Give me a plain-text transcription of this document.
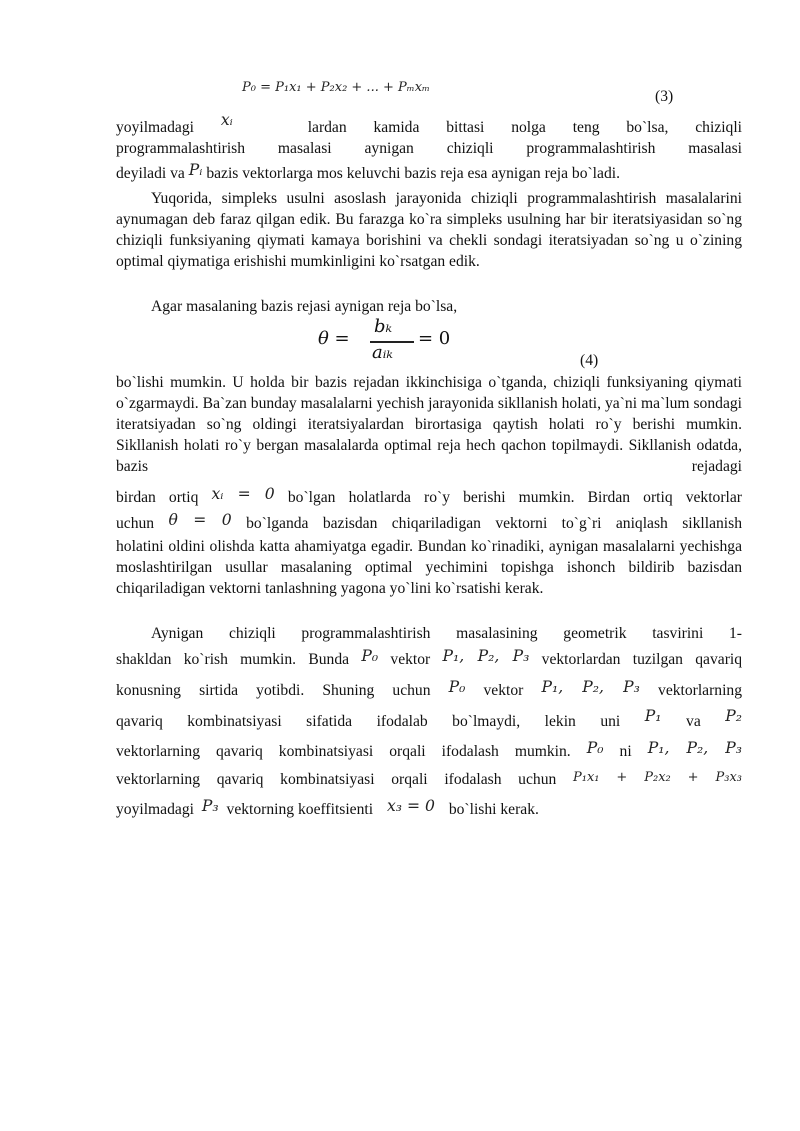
P₀ = P₁x₁ + P₂x₂ + ... + Pₘxₘ
(3)
yoyilmadagi xᵢ	lardan kamida bittasi nolga teng bo`lsa, chiziqli
programmalashtirish masalasi aynigan chiziqli programmalashtirish masalasi
deyiladi va Pᵢ bazis vektorlarga mos keluvchi bazis reja esa aynigan reja bo`ladi.
Yuqorida, simpleks usulni asoslash jarayonida chiziqli programmalashtirish masalalarini aynumagan deb faraz qilgan edik. Bu farazga ko`ra simpleks usulning har bir iteratsiyasidan so`ng chiziqli funksiyaning qiymati kamaya borishini va chekli sondagi iteratsiyadan so`ng u o`zining optimal qiymatiga erishishi mumkinligini ko`rsatgan edik.
Agar masalaning bazis rejasi aynigan reja bo`lsa,
θ =
bₖ
aᵢₖ
= 0
(4)
bo`lishi mumkin. U holda bir bazis rejadan ikkinchisiga o`tganda, chiziqli funksiyaning qiymati o`zgarmaydi. Ba`zan bunday masalalarni yechish jarayonida sikllanish holati, ya`ni ma`lum sondagi iteratsiyadan so`ng oldingi iteratsiyalardan birortasiga qaytish holati ro`y berishi mumkin. Sikllanish holati ro`y bergan masalalarda optimal reja hech qachon topilmaydi. Sikllanish odatda, bazis rejadagi
birdan ortiq xᵢ = 0 bo`lgan holatlarda ro`y berishi mumkin. Birdan ortiq vektorlar
uchun θ = 0 bo`lganda bazisdan chiqariladigan vektorni to`g`ri aniqlash sikllanish
holatini oldini olishda katta ahamiyatga egadir. Bundan ko`rinadiki, aynigan masalalarni yechishga moslashtirilgan usullar masalaning optimal yechimini topishga ishonch bildirib bazisdan chiqariladigan vektorni tanlashning yagona yo`lini ko`rsatishi kerak.
Aynigan chiziqli programmalashtirish masalasining geometrik tasvirini 1-
shakldan ko`rish mumkin. Bunda P₀ vektor P₁, P₂, P₃ vektorlardan tuzilgan qavariq
konusning sirtida yotibdi. Shuning uchun P₀ vektor P₁, P₂, P₃ vektorlarning
qavariq kombinatsiyasi sifatida ifodalab bo`lmaydi, lekin uni P₁ va P₂
vektorlarning qavariq kombinatsiyasi orqali ifodalash mumkin. P₀ ni P₁, P₂, P₃
vektorlarning qavariq kombinatsiyasi orqali ifodalash uchun P₁x₁ + P₂x₂ + P₃x₃
yoyilmadagi P₃ vektorning koeffitsienti x₃ = 0 bo`lishi kerak.
